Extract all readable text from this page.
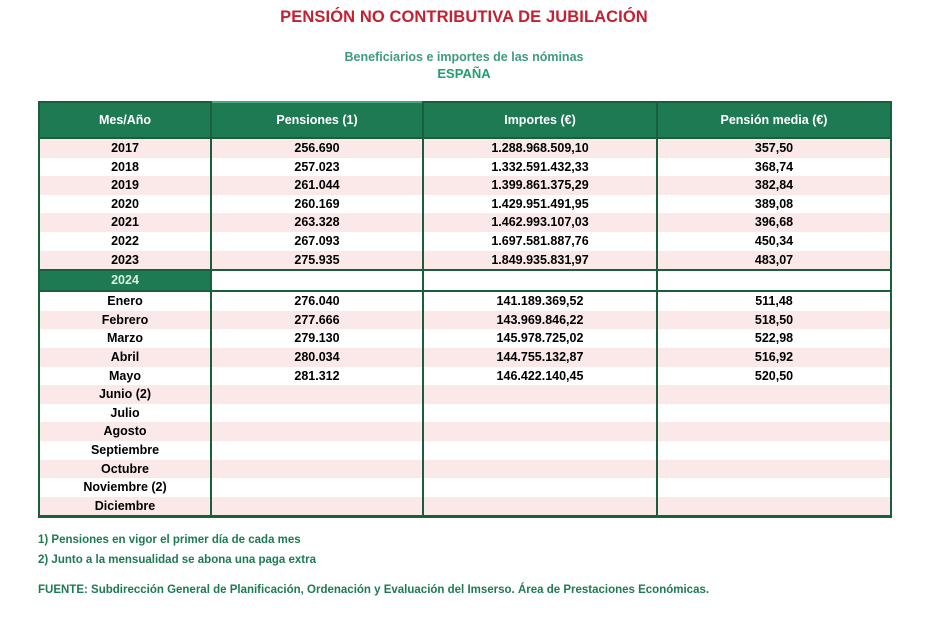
PENSIÓN NO CONTRIBUTIVA DE JUBILACIÓN
Beneficiarios e importes de las nóminas
ESPAÑA
Mes/Año	Pensiones (1)	Importes (€)	Pensión media (€)
2017	256.690	1.288.968.509,10	357,50
2018	257.023	1.332.591.432,33	368,74
2019	261.044	1.399.861.375,29	382,84
2020	260.169	1.429.951.491,95	389,08
2021	263.328	1.462.993.107,03	396,68
2022	267.093	1.697.581.887,76	450,34
2023	275.935	1.849.935.831,97	483,07
2024			
Enero	276.040	141.189.369,52	511,48
Febrero	277.666	143.969.846,22	518,50
Marzo	279.130	145.978.725,02	522,98
Abril	280.034	144.755.132,87	516,92
Mayo	281.312	146.422.140,45	520,50
Junio (2)			
Julio			
Agosto			
Septiembre			
Octubre			
Noviembre (2)			
Diciembre			
1) Pensiones en vigor el primer día de cada mes
2) Junto a la mensualidad se abona una paga extra
FUENTE: Subdirección General de Planificación, Ordenación y Evaluación del Imserso. Área de Prestaciones Económicas.
